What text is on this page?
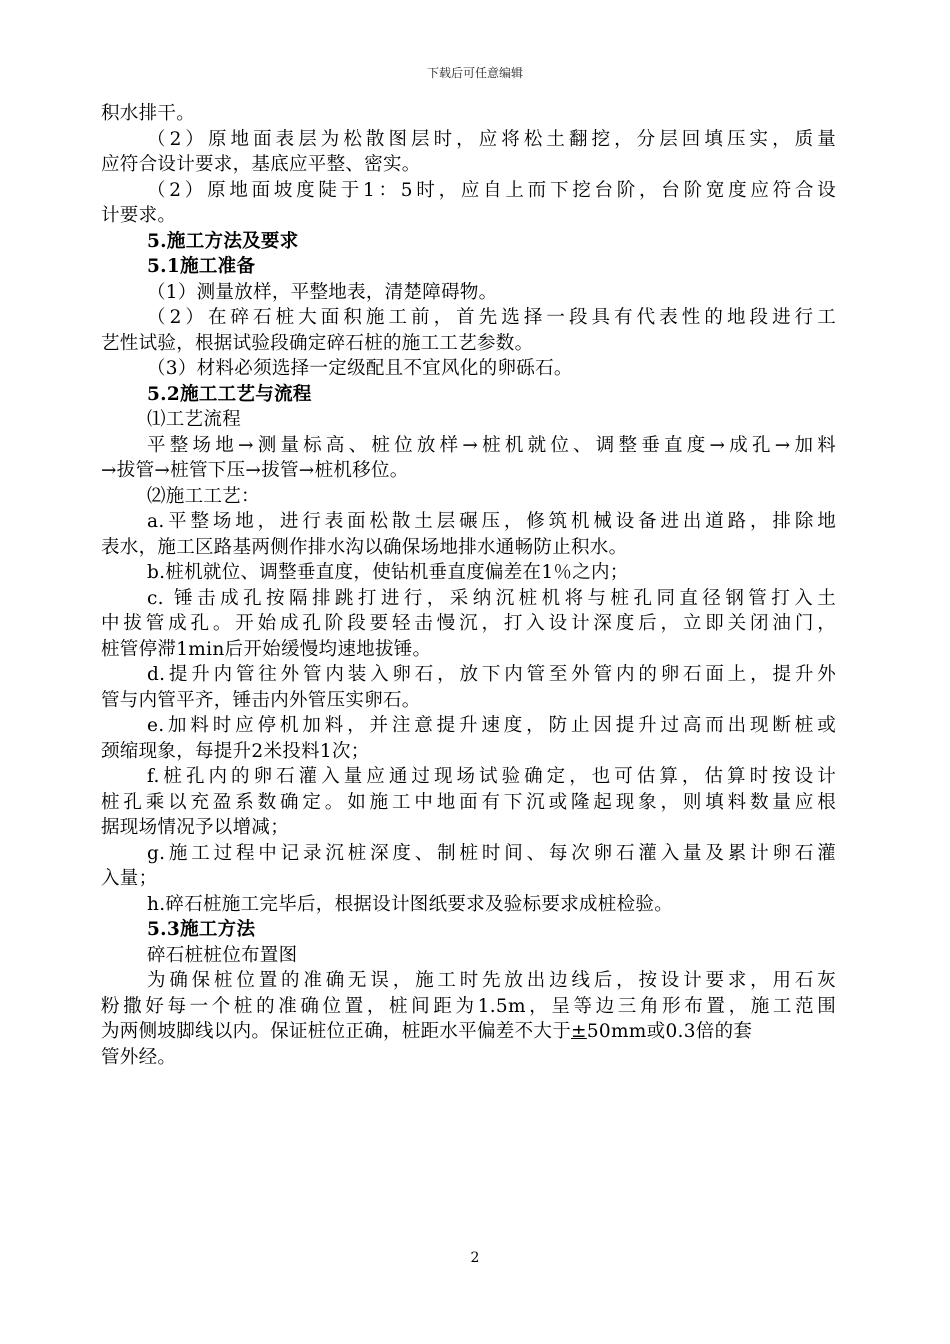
下载后可任意编辑
积水排干。
（2）原地面表层为松散图层时，应将松土翻挖，分层回填压实，质量
应符合设计要求，基底应平整、密实。
（2）原地面坡度陡于1：5时，应自上而下挖台阶，台阶宽度应符合设
计要求。
5.施工方法及要求
5.1施工准备
（1）测量放样，平整地表，清楚障碍物。
（2）在碎石桩大面积施工前，首先选择一段具有代表性的地段进行工
艺性试验，根据试验段确定碎石桩的施工工艺参数。
（3）材料必须选择一定级配且不宜风化的卵砾石。
5.2施工工艺与流程
⑴工艺流程
平整场地→测量标高、桩位放样→桩机就位、调整垂直度→成孔→加料
→拔管→桩管下压→拔管→桩机移位。
⑵施工工艺：
a.平整场地，进行表面松散土层碾压，修筑机械设备进出道路，排除地
表水，施工区路基两侧作排水沟以确保场地排水通畅防止积水。
b.桩机就位、调整垂直度，使钻机垂直度偏差在1％之内；
c. 锤击成孔按隔排跳打进行，采纳沉桩机将与桩孔同直径钢管打入土
中拔管成孔。开始成孔阶段要轻击慢沉，打入设计深度后，立即关闭油门，
桩管停滞1min后开始缓慢均速地拔锤。
d.提升内管往外管内装入卵石，放下内管至外管内的卵石面上，提升外
管与内管平齐，锤击内外管压实卵石。
e.加料时应停机加料，并注意提升速度，防止因提升过高而出现断桩或
颈缩现象，每提升2米投料1次；
f.桩孔内的卵石灌入量应通过现场试验确定，也可估算，估算时按设计
桩孔乘以充盈系数确定。如施工中地面有下沉或隆起现象，则填料数量应根
据现场情况予以增减；
g.施工过程中记录沉桩深度、制桩时间、每次卵石灌入量及累计卵石灌
入量；
h.碎石桩施工完毕后，根据设计图纸要求及验标要求成桩检验。
5.3施工方法
碎石桩桩位布置图
为确保桩位置的准确无误，施工时先放出边线后，按设计要求，用石灰
粉撒好每一个桩的准确位置，桩间距为1.5m，呈等边三角形布置，施工范围
为两侧坡脚线以内。保证桩位正确，桩距水平偏差不大于±50mm或0.3倍的套
管外经。
2
